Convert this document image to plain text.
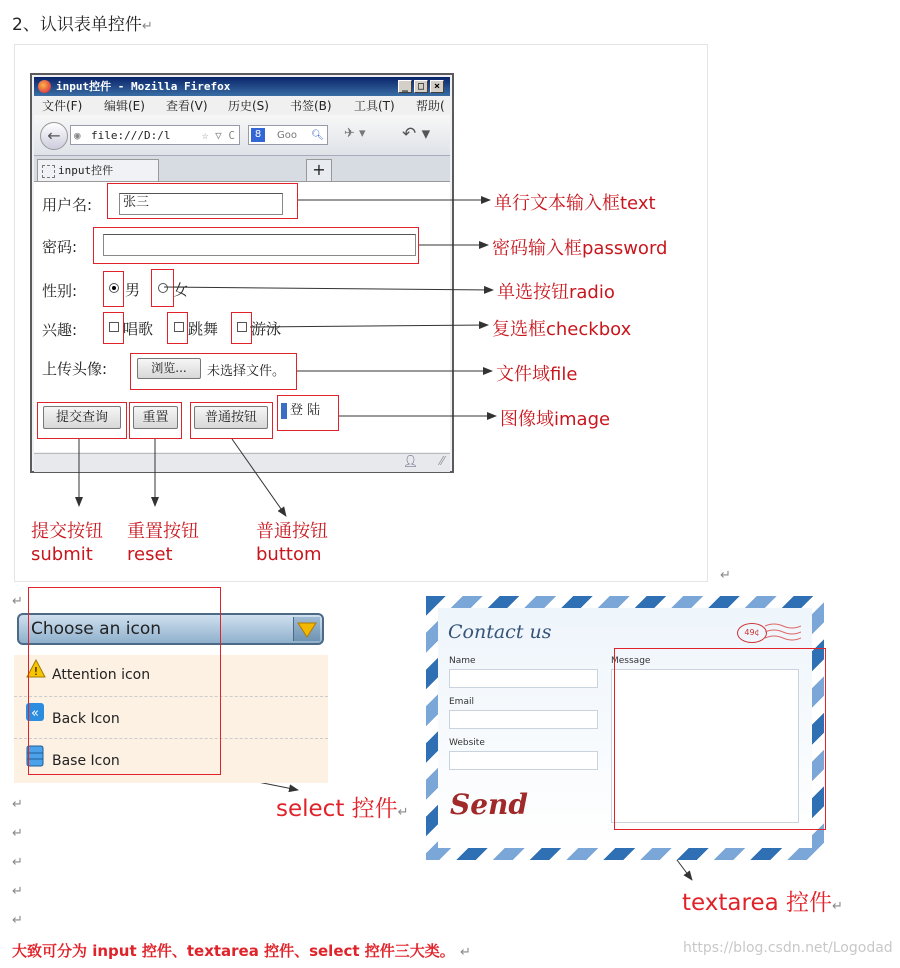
2、认识表单控件↵
↵
input控件 - Mozilla Firefox	_ □ ×
文件(F) 编辑(E) 查看(V) 历史(S) 书签(B) 工具(T) 帮助(
←	◉ file:///D:/l	☆ ▽ C	8	Goo 🔍︎ ✈ ▾ ↶ ▾
input控件	+
👤︎ ⁄⁄
用户名:	张三
密码:
性别:	男 女
兴趣:	唱歌 跳舞 游泳
上传头像:	浏览...	未选择文件。
登 陆
提交查询	重置	普通按钮
单行文本输入框text
密码输入框password
单选按钮radio
复选框checkbox
文件域file
图像域image
提交按钮
submit
重置按钮
reset
普通按钮
buttom
↵
↵
↵
↵
↵
↵
Choose an icon
! Attention icon
« Back Icon
Base Icon
select 控件↵
Contact us	49¢
Name
Email
Website
Message
Send
textarea 控件↵
大致可分为 input 控件、textarea 控件、select 控件三大类。 ↵	https://blog.csdn.net/Logodad
